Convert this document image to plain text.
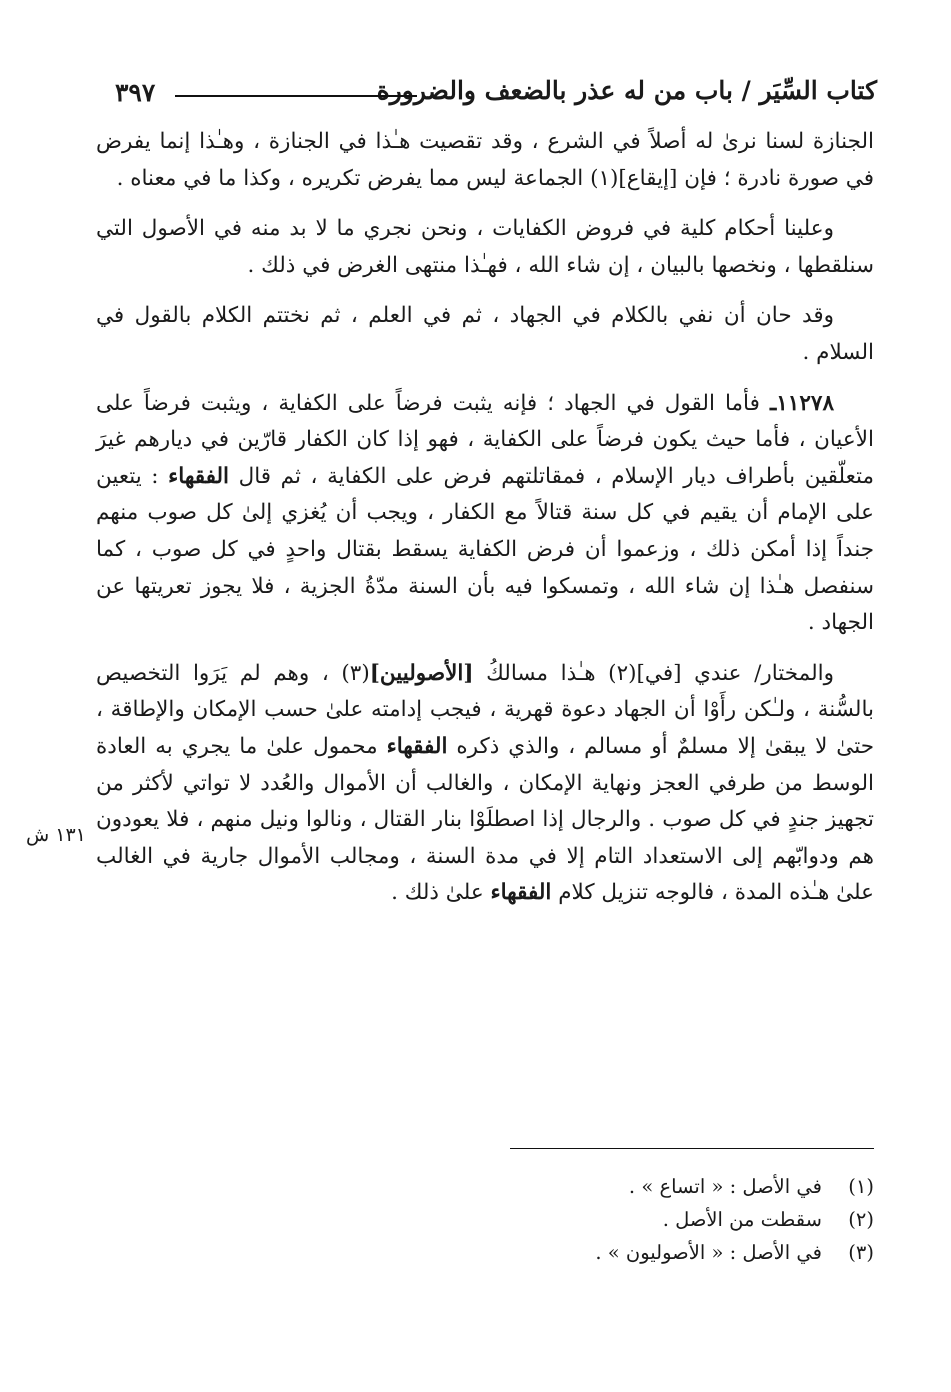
كتاب السِّيَر / باب من له عذر بالضعف والضرورة
٣٩٧

الجنازة لسنا نرىٰ له أصلاً في الشرع ، وقد تقصيت هـٰذا في الجنازة ، وهـٰذا إنما يفرض في صورة نادرة ؛ فإن [إيقاع](١) الجماعة ليس مما يفرض تكريره ، وكذا ما في معناه .

وعلينا أحكام كلية في فروض الكفايات ، ونحن نجري ما لا بد منه في الأصول التي سنلقطها ، ونخصها بالبيان ، إن شاء الله ، فهـٰذا منتهى الغرض في ذلك .

وقد حان أن نفي بالكلام في الجهاد ، ثم في العلم ، ثم نختتم الكلام بالقول في السلام .

١١٢٧٨ـ فأما القول في الجهاد ؛ فإنه يثبت فرضاً على الكفاية ، ويثبت فرضاً على الأعيان ، فأما حيث يكون فرضاً على الكفاية ، فهو إذا كان الكفار قارّين في ديارهم غيرَ متعلّقين بأطراف ديار الإسلام ، فمقاتلتهم فرض على الكفاية ، ثم قال الفقهاء : يتعين على الإمام أن يقيم في كل سنة قتالاً مع الكفار ، ويجب أن يُغزي إلىٰ كل صوب منهم جنداً إذا أمكن ذلك ، وزعموا أن فرض الكفاية يسقط بقتال واحدٍ في كل صوب ، كما سنفصل هـٰذا إن شاء الله ، وتمسكوا فيه بأن السنة مدّةُ الجزية ، فلا يجوز تعريتها عن الجهاد .

والمختار/ عندي [في](٢) هـٰذا مسالكُ [الأصوليين](٣) ، وهم لم يَرَوا التخصيص بالسُّنة ، ولـٰكن رأَوْا أن الجهاد دعوة قهرية ، فيجب إدامته علىٰ حسب الإمكان والإطاقة ، حتىٰ لا يبقىٰ إلا مسلمٌ أو مسالم ، والذي ذكره الفقهاء محمول علىٰ ما يجري به العادة الوسط من طرفي العجز ونهاية الإمكان ، والغالب أن الأموال والعُدد لا تواتي لأكثر من تجهيز جندٍ في كل صوب . والرجال إذا اصطلَوْا بنار القتال ، ونالوا ونيل منهم ، فلا يعودون هم ودوابّهم إلى الاستعداد التام إلا في مدة السنة ، ومجالب الأموال جارية في الغالب علىٰ هـٰذه المدة ، فالوجه تنزيل كلام الفقهاء علىٰ ذلك .

١٣١ ش
(١)في الأصل : « اتساع » .
(٢)سقطت من الأصل .
(٣)في الأصل : « الأصوليون » .
